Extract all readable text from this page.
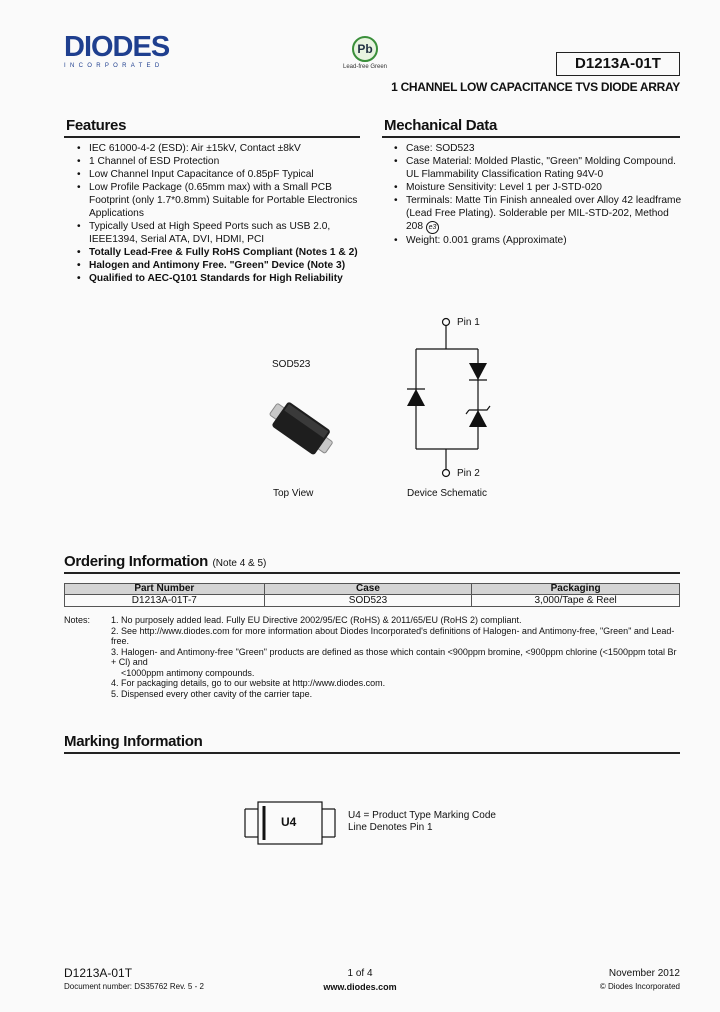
DIODES
INCORPORATED
Pb
Lead-free Green	D1213A-01T
1 CHANNEL LOW CAPACITANCE TVS DIODE ARRAY
Features
• IEC 61000-4-2 (ESD): Air ±15kV, Contact ±8kV
• 1 Channel of ESD Protection
• Low Channel Input Capacitance of 0.85pF Typical
• Low Profile Package (0.65mm max) with a Small PCB Footprint (only 1.7*0.8mm) Suitable for Portable Electronics Applications
• Typically Used at High Speed Ports such as USB 2.0, IEEE1394, Serial ATA, DVI, HDMI, PCI
• Totally Lead-Free & Fully RoHS Compliant (Notes 1 & 2)
• Halogen and Antimony Free. "Green" Device (Note 3)
• Qualified to AEC-Q101 Standards for High Reliability
Mechanical Data
• Case: SOD523
• Case Material: Molded Plastic, "Green" Molding Compound. UL Flammability Classification Rating 94V-0
• Moisture Sensitivity: Level 1 per J-STD-020
• Terminals: Matte Tin Finish annealed over Alloy 42 leadframe (Lead Free Plating). Solderable per MIL-STD-202, Method 208 e3
• Weight: 0.001 grams (Approximate)
SOD523
Top View
Pin 1
Pin 2
Device Schematic
Ordering Information (Note 4 & 5)
Part Number	Case	Packaging
D1213A-01T-7	SOD523	3,000/Tape & Reel
Notes: 1. No purposely added lead. Fully EU Directive 2002/95/EC (RoHS) & 2011/65/EU (RoHS 2) compliant.
2. See http://www.diodes.com for more information about Diodes Incorporated's definitions of Halogen- and Antimony-free, "Green" and Lead-free.
3. Halogen- and Antimony-free "Green" products are defined as those which contain <900ppm bromine, <900ppm chlorine (<1500ppm total Br + Cl) and
<1000ppm antimony compounds.
4. For packaging details, go to our website at http://www.diodes.com.
5. Dispensed every other cavity of the carrier tape.
Marking Information
U4	U4 = Product Type Marking Code
Line Denotes Pin 1
D1213A-01T
Document number: DS35762 Rev. 5 - 2
1 of 4
www.diodes.com
November 2012
© Diodes Incorporated
